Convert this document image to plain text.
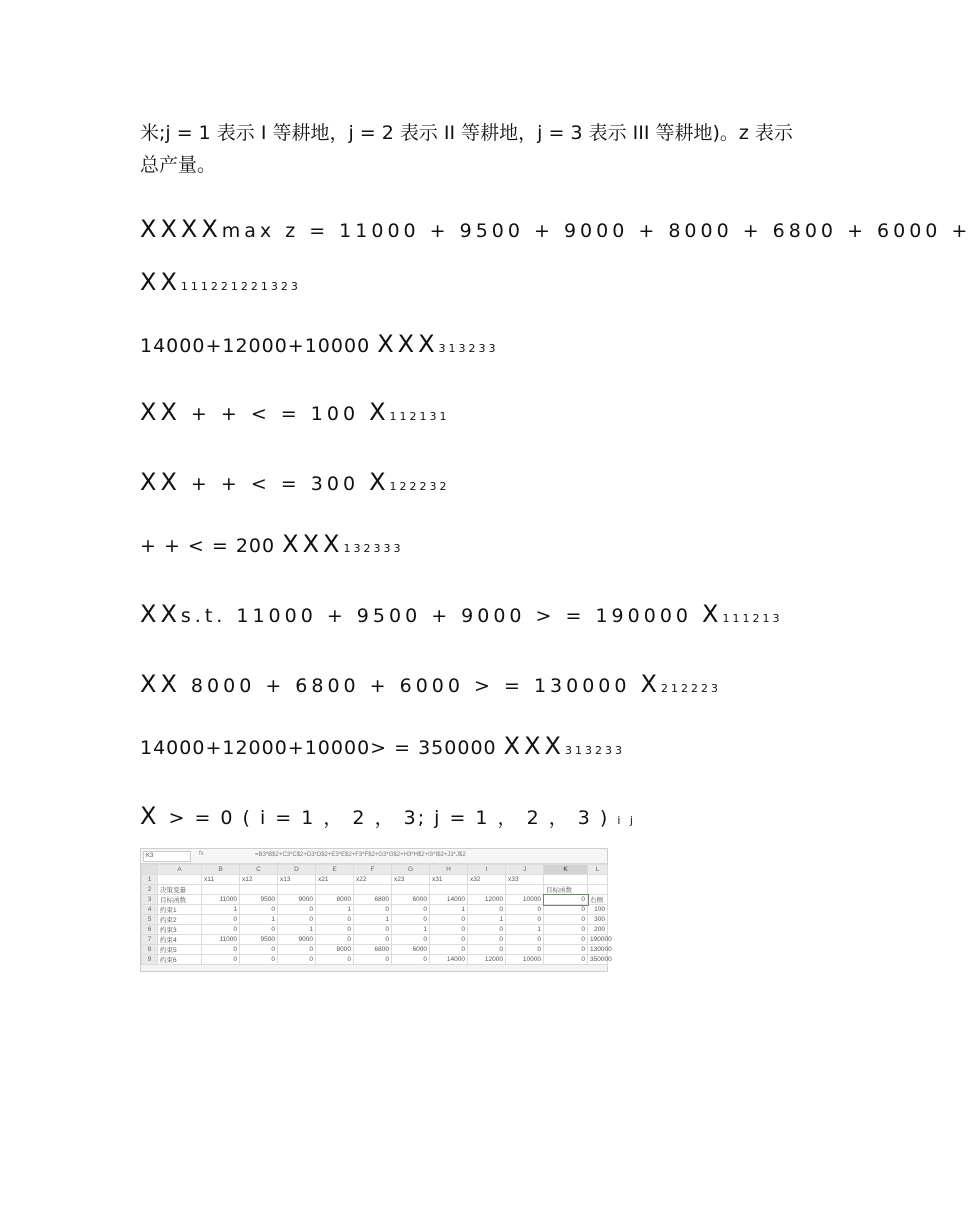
米;j = 1 表示 I 等耕地，j = 2 表示 II 等耕地，j = 3 表示 III 等耕地)。z 表示
总产量。
XXXXmax z = 11000 + 9500 + 9000 + 8000 + 6800 + 6000 +
XX111221221323
14000+12000+10000 XXX313233
XX + + < = 100 X112131
XX + + < = 300 X122232
+ + < = 200 XXX132333
XXs.t. 11000 + 9500 + 9000 > = 190000 X111213
XX 8000 + 6800 + 6000 > = 130000 X212223
14000+12000+10000> = 350000 XXX313233
X > = 0 ( i = 1 ， 2 ， 3; j = 1 ， 2 ， 3 ) i j
K3	fx	=B3*B$2+C3*C$2+D3*D$2+E3*E$2+F3*F$2+G3*G$2+H3*H$2+I3*I$2+J3*J$2
	A	B	C	D	E	F	G	H	I	J	K	L
1		x11	x12	x13	x21	x22	x23	x31	x32	x33		
2	决策变量										目标函数	
3	目标函数	11000	9500	9000	8000	6800	6000	14000	12000	10000	0	右侧
4	约束1	1	0	0	1	0	0	1	0	0	0	100
5	约束2	0	1	0	0	1	0	0	1	0	0	300
6	约束3	0	0	1	0	0	1	0	0	1	0	200
7	约束4	11000	9500	9000	0	0	0	0	0	0	0	190000
8	约束5	0	0	0	8000	6800	6000	0	0	0	0	130000
9	约束6	0	0	0	0	0	0	14000	12000	10000	0	350000
